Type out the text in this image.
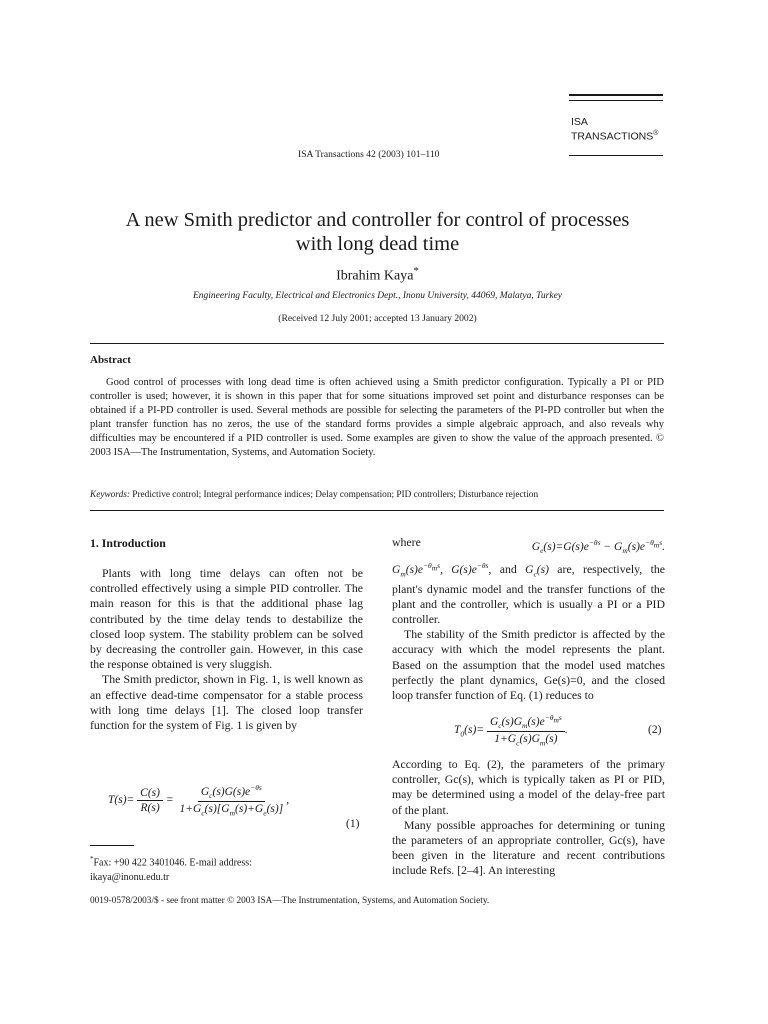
ISA
TRANSACTIONS®
ISA Transactions 42 (2003) 101–110
A new Smith predictor and controller for control of processes
with long dead time
Ibrahim Kaya*
Engineering Faculty, Electrical and Electronics Dept., Inonu University, 44069, Malatya, Turkey
(Received 12 July 2001; accepted 13 January 2002)
Abstract
Good control of processes with long dead time is often achieved using a Smith predictor configuration. Typically a PI or PID controller is used; however, it is shown in this paper that for some situations improved set point and disturbance responses can be obtained if a PI-PD controller is used. Several methods are possible for selecting the parameters of the PI-PD controller but when the plant transfer function has no zeros, the use of the standard forms provides a simple algebraic approach, and also reveals why difficulties may be encountered if a PID controller is used. Some examples are given to show the value of the approach presented. © 2003 ISA—The Instrumentation, Systems, and Automation Society.
Keywords: Predictive control; Integral performance indices; Delay compensation; PID controllers; Disturbance rejection
1. Introduction

Plants with long time delays can often not be controlled effectively using a simple PID controller. The main reason for this is that the additional phase lag contributed by the time delay tends to destabilize the closed loop system. The stability problem can be solved by decreasing the controller gain. However, in this case the response obtained is very sluggish.

The Smith predictor, shown in Fig. 1, is well known as an effective dead-time compensator for a stable process with long time delays [1]. The closed loop transfer function for the system of Fig. 1 is given by

$T(s)= \frac{C(s)}{R(s)} = \frac{G_c(s)G(s)e^{-\theta s}}{1+G_c(s)[G_m(s)+G_e(s)]}$ ,
(1)
*Fax: +90 422 3401046. E-mail address:
ikaya@inonu.edu.tr
where	$G_e(s)=G(s)e^{-\theta s} - G_m(s)e^{-\theta_ms}$.
$G_m(s)e^{-\theta_ms}$, $G(s)e^{-\theta s}$, and $G_c(s)$ are, respectively, the plant's dynamic model and the transfer functions of the plant and the controller, which is usually a PI or a PID controller.

The stability of the Smith predictor is affected by the accuracy with which the model represents the plant. Based on the assumption that the model used matches perfectly the plant dynamics, Ge(s)=0, and the closed loop transfer function of Eq. (1) reduces to

$T_0(s)= \frac{G_c(s)G_m(s)e^{-\theta_ms}}{1+G_c(s)G_m(s)}$ .	(2)
According to Eq. (2), the parameters of the primary controller, Gc(s), which is typically taken as PI or PID, may be determined using a model of the delay-free part of the plant.

Many possible approaches for determining or tuning the parameters of an appropriate controller, Gc(s), have been given in the literature and recent contributions include Refs. [2–4]. An interesting

0019-0578/2003/$ - see front matter © 2003 ISA—The Instrumentation, Systems, and Automation Society.
